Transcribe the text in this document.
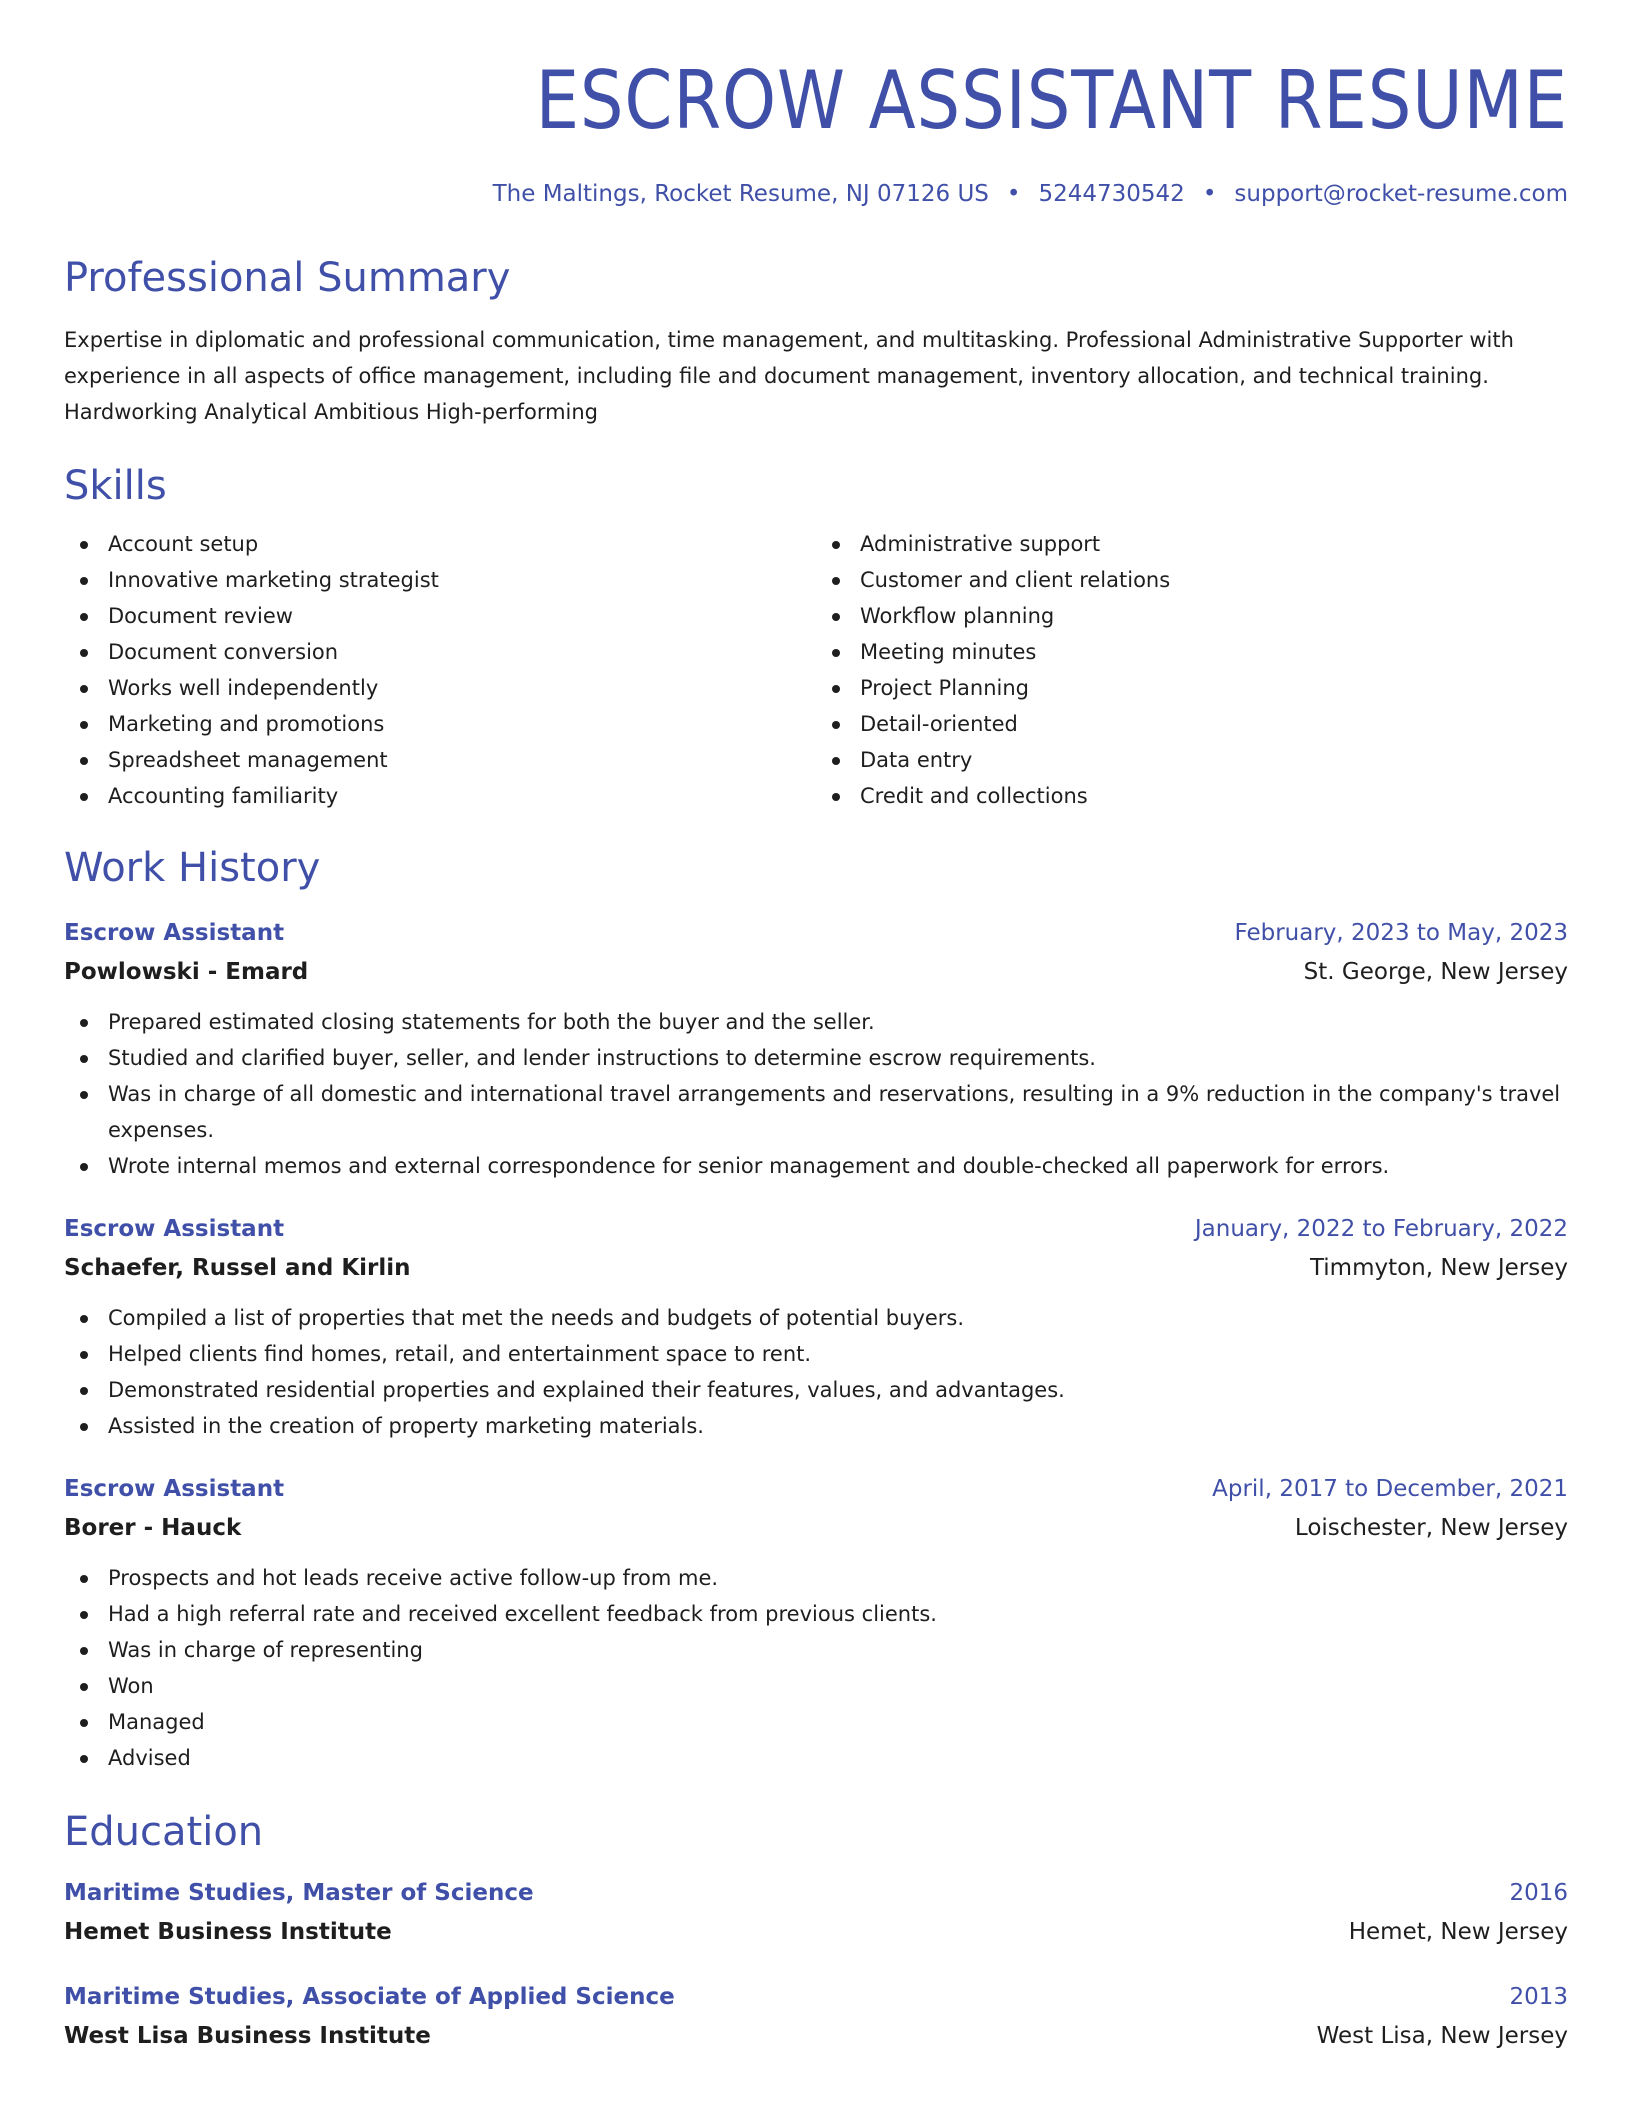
ESCROW ASSISTANT RESUME
The Maltings, Rocket Resume, NJ 07126 US • 5244730542 • support@rocket-resume.com
Professional Summary
Expertise in diplomatic and professional communication, time management, and multitasking. Professional Administrative Supporter with experience in all aspects of office management, including file and document management, inventory allocation, and technical training. Hardworking Analytical Ambitious High-performing
Skills
Account setup
Innovative marketing strategist
Document review
Document conversion
Works well independently
Marketing and promotions
Spreadsheet management
Accounting familiarity
Administrative support
Customer and client relations
Workflow planning
Meeting minutes
Project Planning
Detail-oriented
Data entry
Credit and collections
Work History
Escrow Assistant	February, 2023 to May, 2023
Powlowski - Emard	St. George, New Jersey
Prepared estimated closing statements for both the buyer and the seller.
Studied and clarified buyer, seller, and lender instructions to determine escrow requirements.
Was in charge of all domestic and international travel arrangements and reservations, resulting in a 9% reduction in the company's travel expenses.
Wrote internal memos and external correspondence for senior management and double-checked all paperwork for errors.
Escrow Assistant	January, 2022 to February, 2022
Schaefer, Russel and Kirlin	Timmyton, New Jersey
Compiled a list of properties that met the needs and budgets of potential buyers.
Helped clients find homes, retail, and entertainment space to rent.
Demonstrated residential properties and explained their features, values, and advantages.
Assisted in the creation of property marketing materials.
Escrow Assistant	April, 2017 to December, 2021
Borer - Hauck	Loischester, New Jersey
Prospects and hot leads receive active follow-up from me.
Had a high referral rate and received excellent feedback from previous clients.
Was in charge of representing
Won
Managed
Advised
Education
Maritime Studies, Master of Science	2016
Hemet Business Institute	Hemet, New Jersey
Maritime Studies, Associate of Applied Science	2013
West Lisa Business Institute	West Lisa, New Jersey
